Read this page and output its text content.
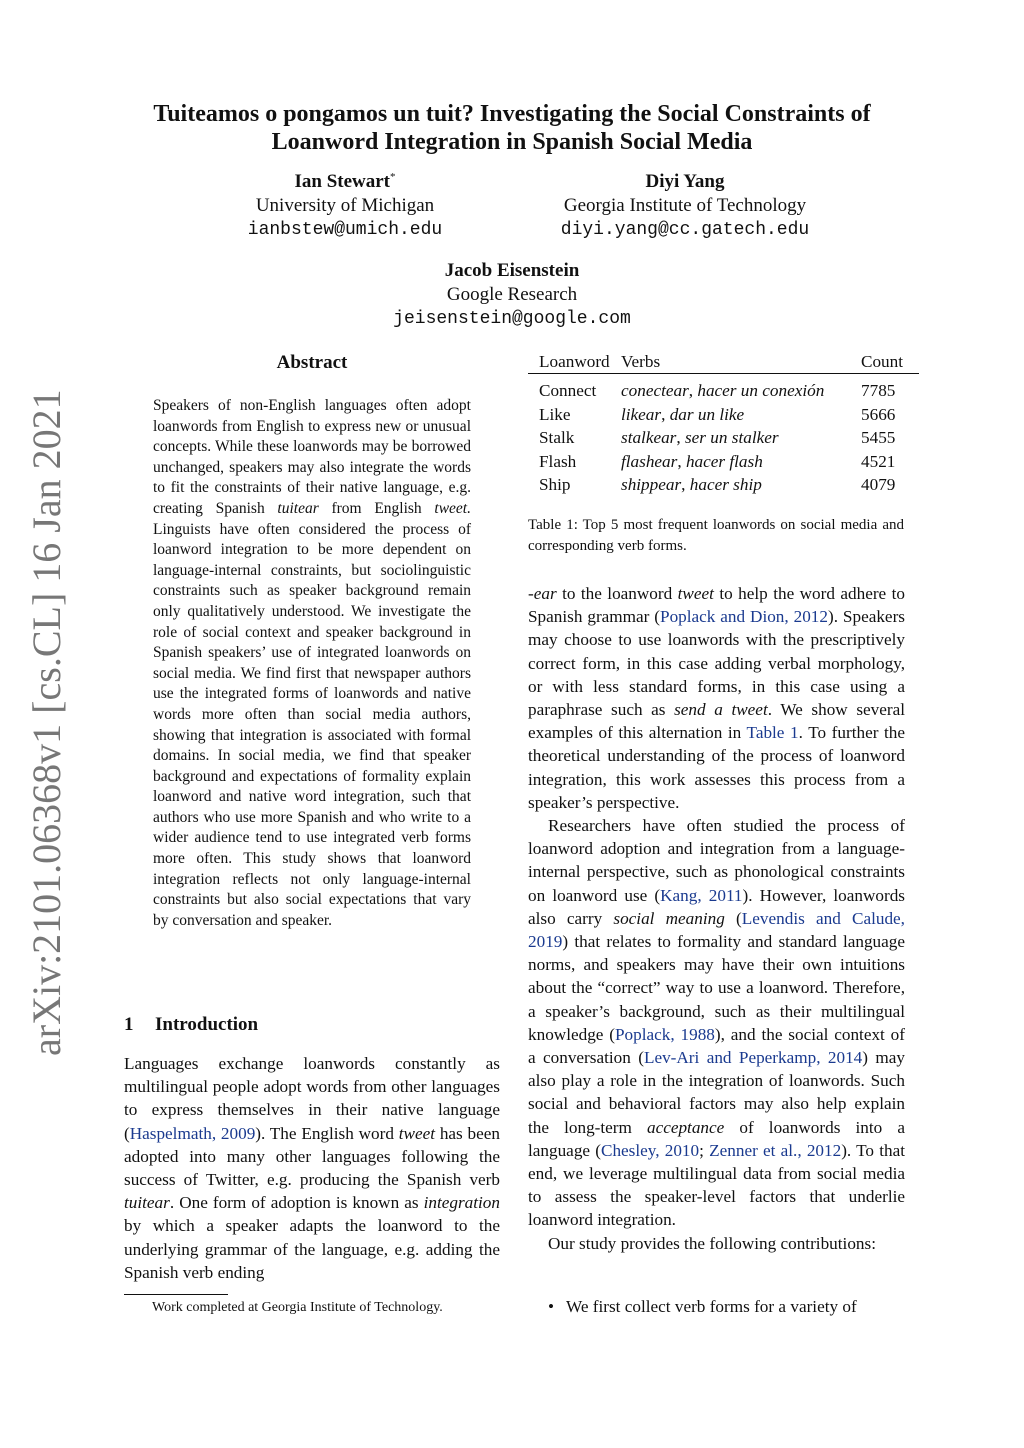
Tuiteamos o pongamos un tuit? Investigating the Social Constraints of
Loanword Integration in Spanish Social Media
Ian Stewart*
University of Michigan
ianbstew@umich.edu
Diyi Yang
Georgia Institute of Technology
diyi.yang@cc.gatech.edu
Jacob Eisenstein
Google Research
jeisenstein@google.com
arXiv:2101.06368v1 [cs.CL] 16 Jan 2021
Abstract
Speakers of non-English languages often adopt loanwords from English to express new or unusual concepts. While these loanwords may be borrowed unchanged, speakers may also integrate the words to fit the constraints of their native language, e.g. creating Spanish tuitear from English tweet. Linguists have often considered the process of loanword integration to be more dependent on language-internal constraints, but sociolinguistic constraints such as speaker background remain only qualitatively understood. We investigate the role of social context and speaker background in Spanish speakers’ use of integrated loanwords on social media. We find first that newspaper authors use the integrated forms of loanwords and native words more often than social media authors, showing that integration is associated with formal domains. In social media, we find that speaker background and expectations of formality explain loanword and native word integration, such that authors who use more Spanish and who write to a wider audience tend to use integrated verb forms more often. This study shows that loanword integration reflects not only language-internal constraints but also social expectations that vary by conversation and speaker.
1 Introduction
Languages exchange loanwords constantly as multilingual people adopt words from other languages to express themselves in their native language (Haspelmath, 2009). The English word tweet has been adopted into many other languages following the success of Twitter, e.g. producing the Spanish verb tuitear. One form of adoption is known as integration by which a speaker adapts the loanword to the underlying grammar of the language, e.g. adding the Spanish verb ending
Work completed at Georgia Institute of Technology.
Loanword	Verbs	Count
Connect	conectear, hacer un conexión	7785
Like	likear, dar un like	5666
Stalk	stalkear, ser un stalker	5455
Flash	flashear, hacer flash	4521
Ship	shippear, hacer ship	4079
Table 1: Top 5 most frequent loanwords on social media and corresponding verb forms.

-ear to the loanword tweet to help the word adhere to Spanish grammar (Poplack and Dion, 2012). Speakers may choose to use loanwords with the prescriptively correct form, in this case adding verbal morphology, or with less standard forms, in this case using a paraphrase such as send a tweet. We show several examples of this alternation in Table 1. To further the theoretical understanding of the process of loanword integration, this work assesses this process from a speaker’s perspective.

Researchers have often studied the process of loanword adoption and integration from a language-internal perspective, such as phonological constraints on loanword use (Kang, 2011). However, loanwords also carry social meaning (Levendis and Calude, 2019) that relates to formality and standard language norms, and speakers may have their own intuitions about the “correct” way to use a loanword. Therefore, a speaker’s background, such as their multilingual knowledge (Poplack, 1988), and the social context of a conversation (Lev-Ari and Peperkamp, 2014) may also play a role in the integration of loanwords. Such social and behavioral factors may also help explain the long-term acceptance of loanwords into a language (Chesley, 2010; Zenner et al., 2012). To that end, we leverage multilingual data from social media to assess the speaker-level factors that underlie loanword integration.

Our study provides the following contributions:

• We first collect verb forms for a variety of
